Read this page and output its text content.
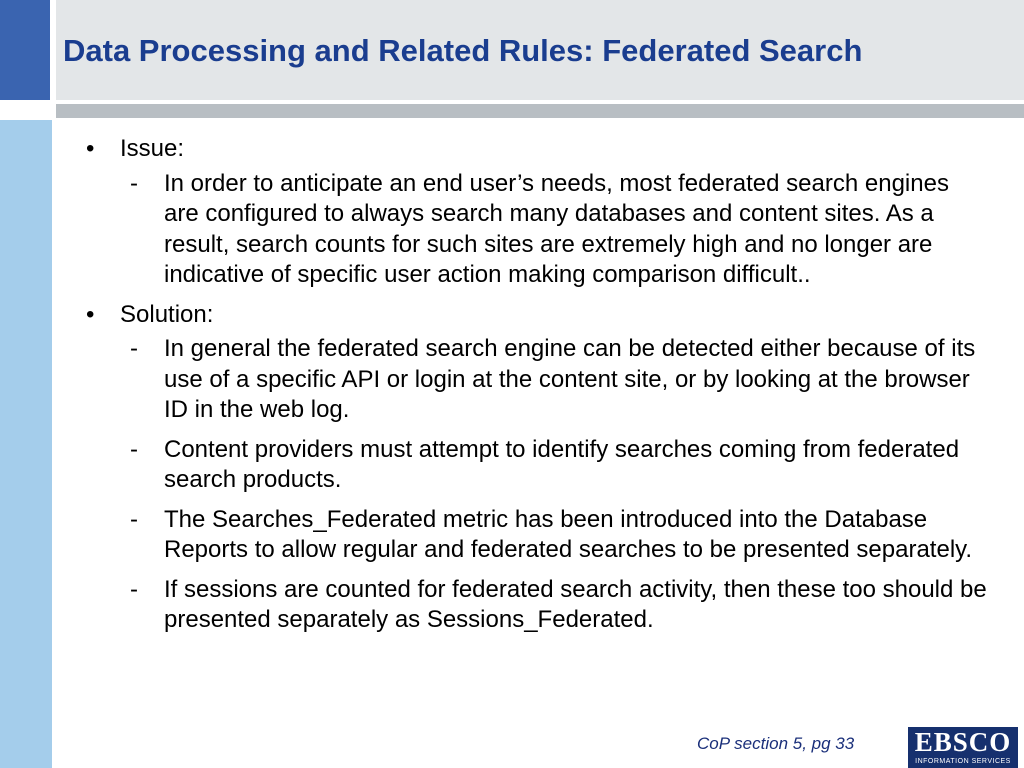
Data Processing and Related Rules: Federated Search
• Issue:
- In order to anticipate an end user’s needs, most federated search engines are configured to always search many databases and content sites. As a result, search counts for such sites are extremely high and no longer are indicative of specific user action making comparison difficult..
• Solution:
- In general the federated search engine can be detected either because of its use of a specific API or login at the content site, or by looking at the browser ID in the web log.
- Content providers must attempt to identify searches coming from federated search products.
- The Searches_Federated metric has been introduced into the Database Reports to allow regular and federated searches to be presented separately.
- If sessions are counted for federated search activity, then these too should be presented separately as Sessions_Federated.
CoP section 5, pg 33 EBSCO
INFORMATION SERVICES
